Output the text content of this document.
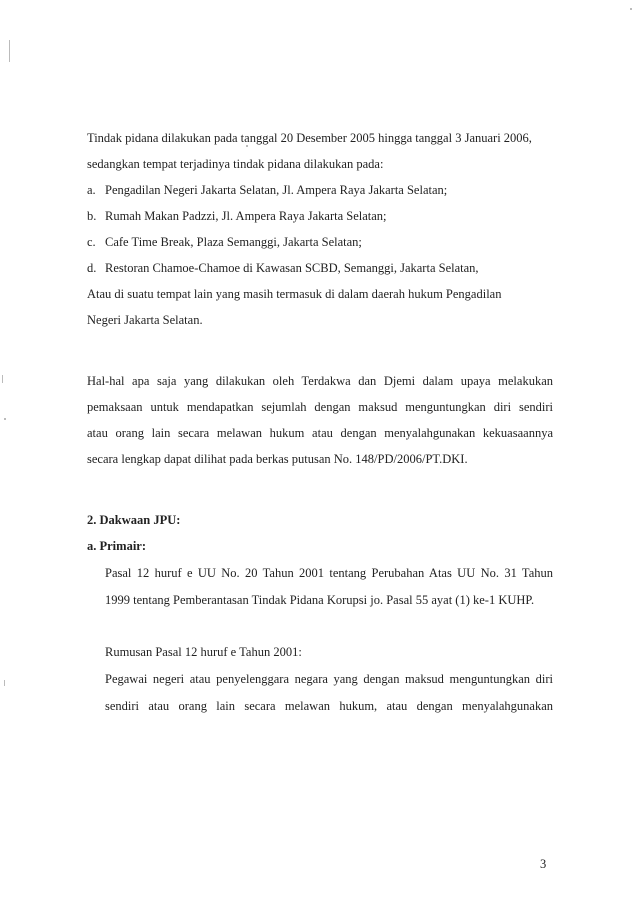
Tindak pidana dilakukan pada tanggal 20 Desember 2005 hingga tanggal 3 Januari 2006,
sedangkan tempat terjadinya tindak pidana dilakukan pada:
a. Pengadilan Negeri Jakarta Selatan, Jl. Ampera Raya Jakarta Selatan;
b. Rumah Makan Padzzi, Jl. Ampera Raya Jakarta Selatan;
c. Cafe Time Break, Plaza Semanggi, Jakarta Selatan;
d. Restoran Chamoe-Chamoe di Kawasan SCBD, Semanggi, Jakarta Selatan,
Atau di suatu tempat lain yang masih termasuk di dalam daerah hukum Pengadilan
Negeri Jakarta Selatan.
Hal-hal apa saja yang dilakukan oleh Terdakwa dan Djemi dalam upaya melakukan
pemaksaan untuk mendapatkan sejumlah dengan maksud menguntungkan diri sendiri
atau orang lain secara melawan hukum atau dengan menyalahgunakan kekuasaannya
secara lengkap dapat dilihat pada berkas putusan No. 148/PD/2006/PT.DKI.
2. Dakwaan JPU:
a. Primair:
Pasal 12 huruf e UU No. 20 Tahun 2001 tentang Perubahan Atas UU No. 31 Tahun
1999 tentang Pemberantasan Tindak Pidana Korupsi jo. Pasal 55 ayat (1) ke-1 KUHP.
Rumusan Pasal 12 huruf e Tahun 2001:
Pegawai negeri atau penyelenggara negara yang dengan maksud menguntungkan diri
sendiri atau orang lain secara melawan hukum, atau dengan menyalahgunakan
3
